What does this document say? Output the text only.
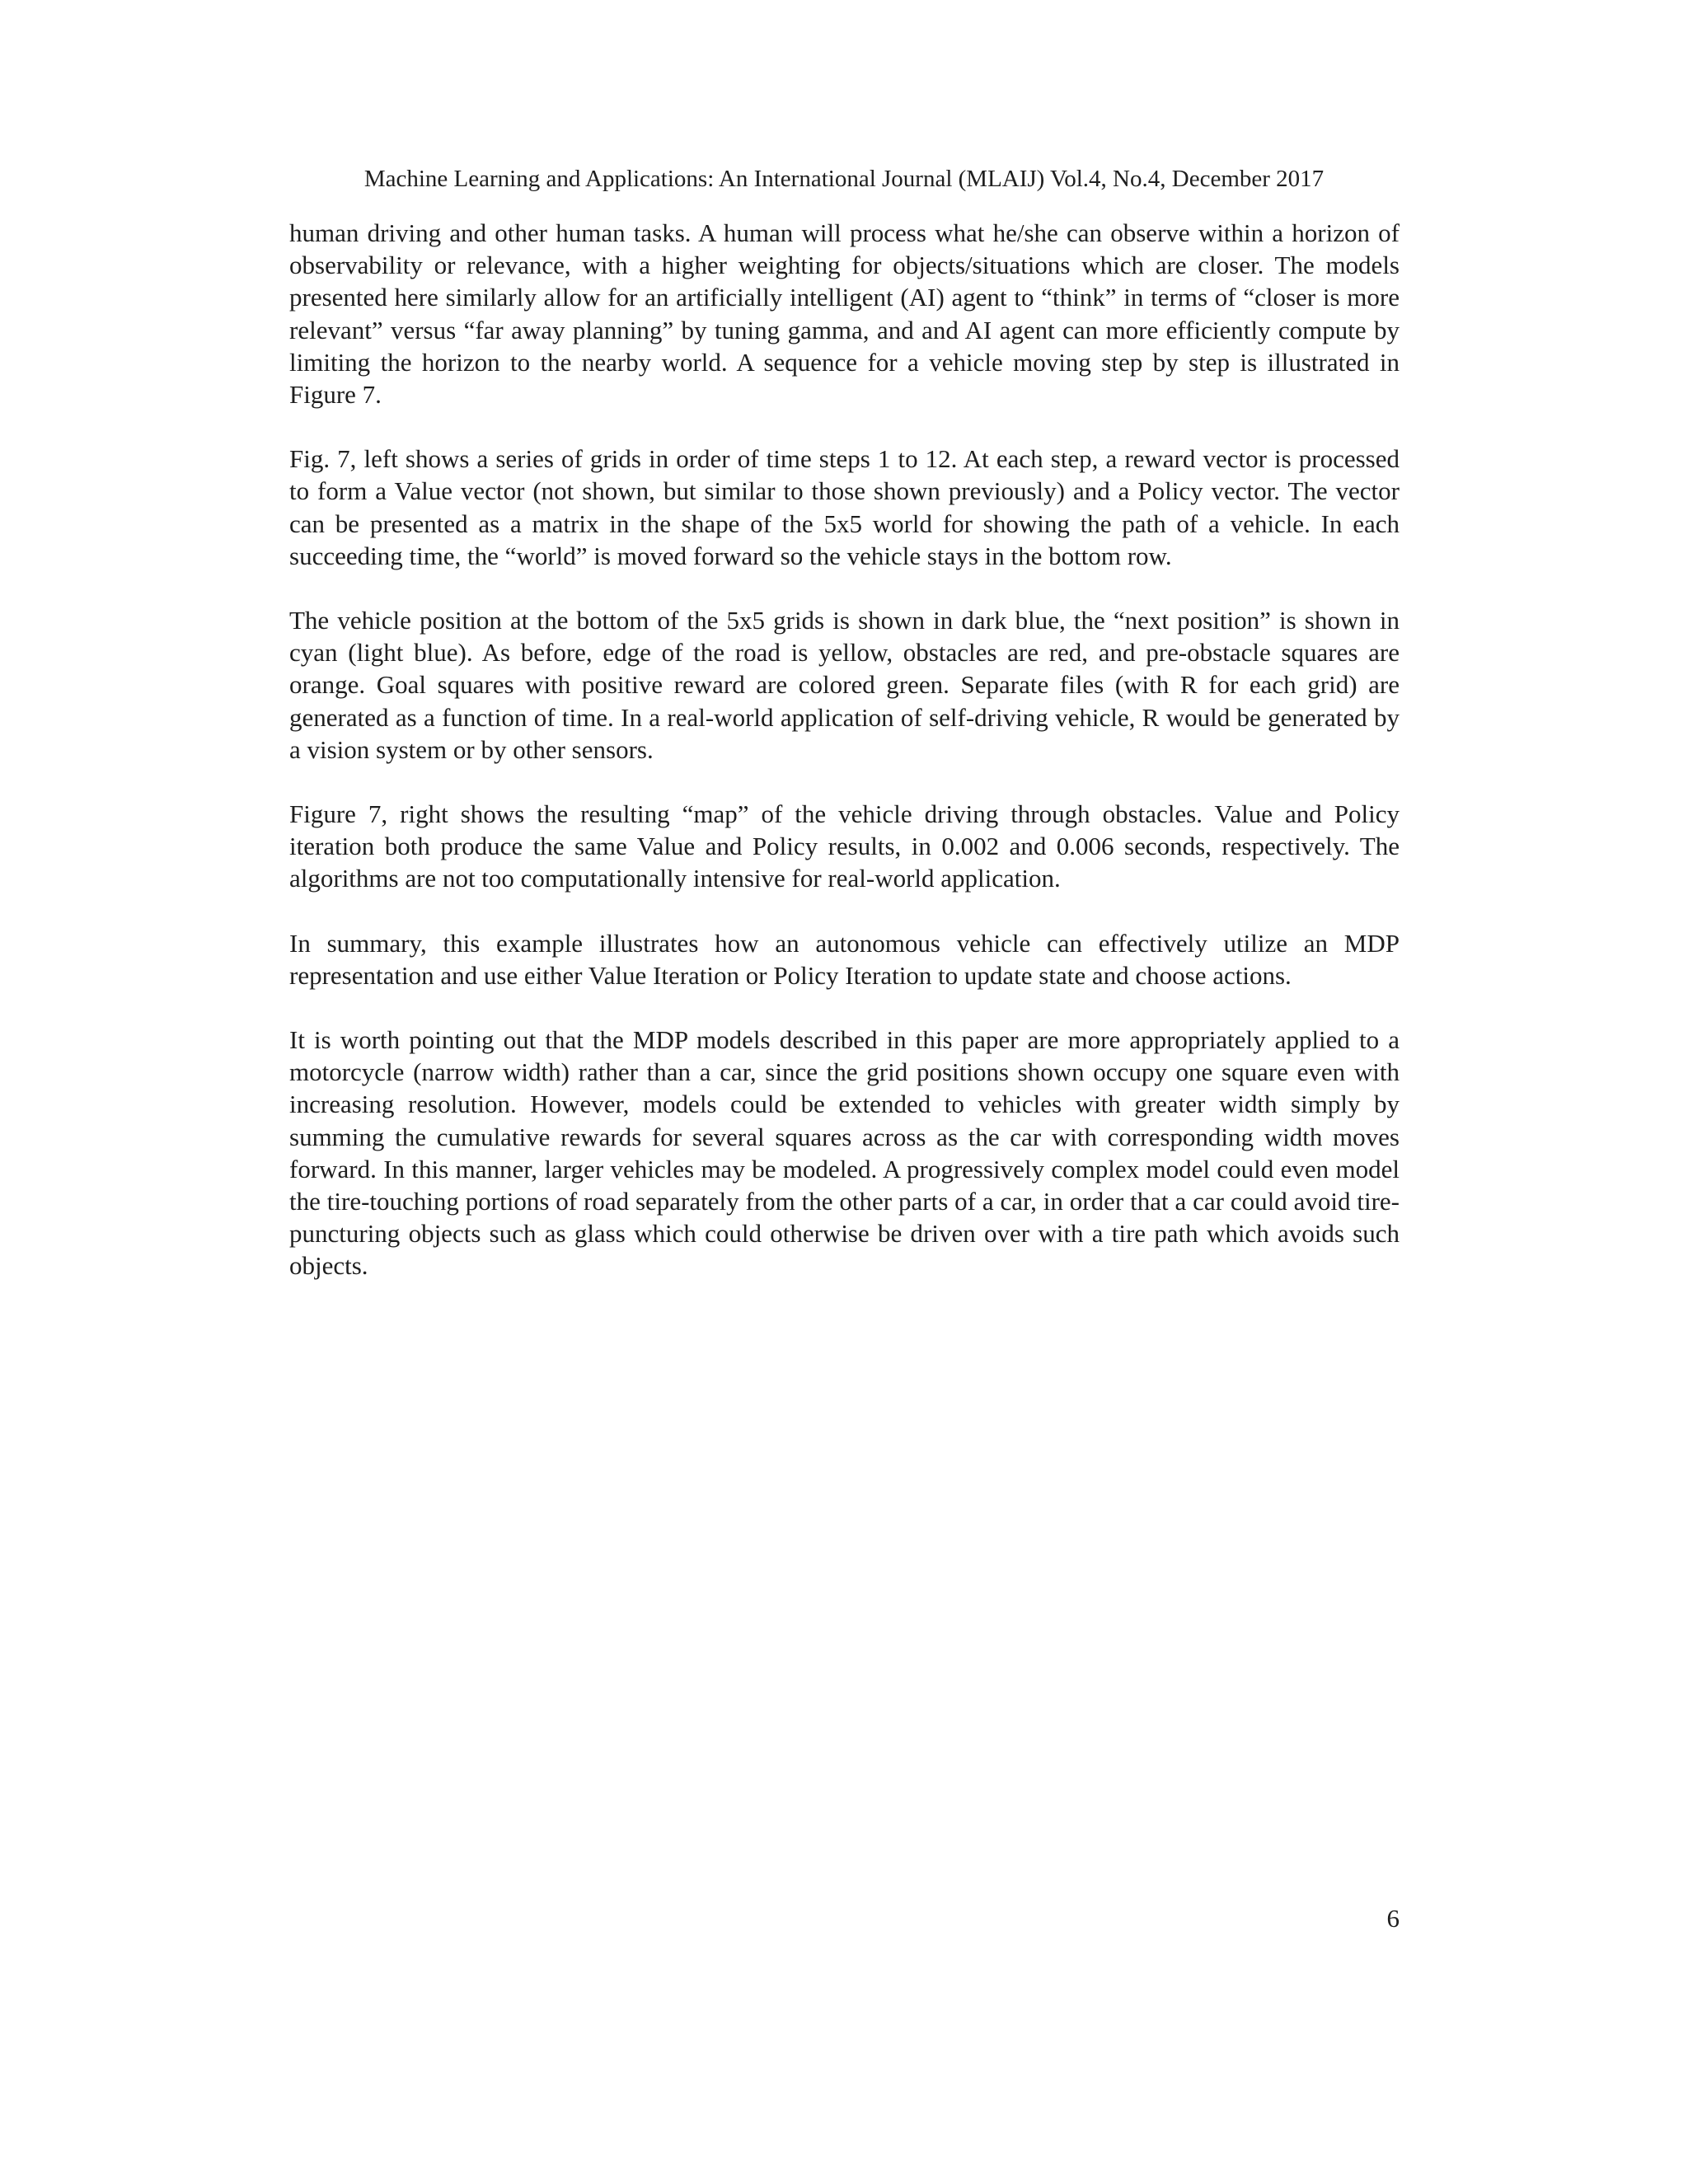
Machine Learning and Applications: An International Journal (MLAIJ) Vol.4, No.4, December 2017

human driving and other human tasks. A human will process what he/she can observe within a horizon of observability or relevance, with a higher weighting for objects/situations which are closer. The models presented here similarly allow for an artificially intelligent (AI) agent to “think” in terms of “closer is more relevant” versus “far away planning” by tuning gamma, and and AI agent can more efficiently compute by limiting the horizon to the nearby world. A sequence for a vehicle moving step by step is illustrated in Figure 7.

Fig. 7, left shows a series of grids in order of time steps 1 to 12. At each step, a reward vector is processed to form a Value vector (not shown, but similar to those shown previously) and a Policy vector. The vector can be presented as a matrix in the shape of the 5x5 world for showing the path of a vehicle. In each succeeding time, the “world” is moved forward so the vehicle stays in the bottom row.

The vehicle position at the bottom of the 5x5 grids is shown in dark blue, the “next position” is shown in cyan (light blue). As before, edge of the road is yellow, obstacles are red, and pre-obstacle squares are orange. Goal squares with positive reward are colored green. Separate files (with R for each grid) are generated as a function of time. In a real-world application of self-driving vehicle, R would be generated by a vision system or by other sensors.

Figure 7, right shows the resulting “map” of the vehicle driving through obstacles. Value and Policy iteration both produce the same Value and Policy results, in 0.002 and 0.006 seconds, respectively. The algorithms are not too computationally intensive for real-world application.

In summary, this example illustrates how an autonomous vehicle can effectively utilize an MDP representation and use either Value Iteration or Policy Iteration to update state and choose actions.

It is worth pointing out that the MDP models described in this paper are more appropriately applied to a motorcycle (narrow width) rather than a car, since the grid positions shown occupy one square even with increasing resolution. However, models could be extended to vehicles with greater width simply by summing the cumulative rewards for several squares across as the car with corresponding width moves forward. In this manner, larger vehicles may be modeled. A progressively complex model could even model the tire-touching portions of road separately from the other parts of a car, in order that a car could avoid tire-puncturing objects such as glass which could otherwise be driven over with a tire path which avoids such objects.

6
